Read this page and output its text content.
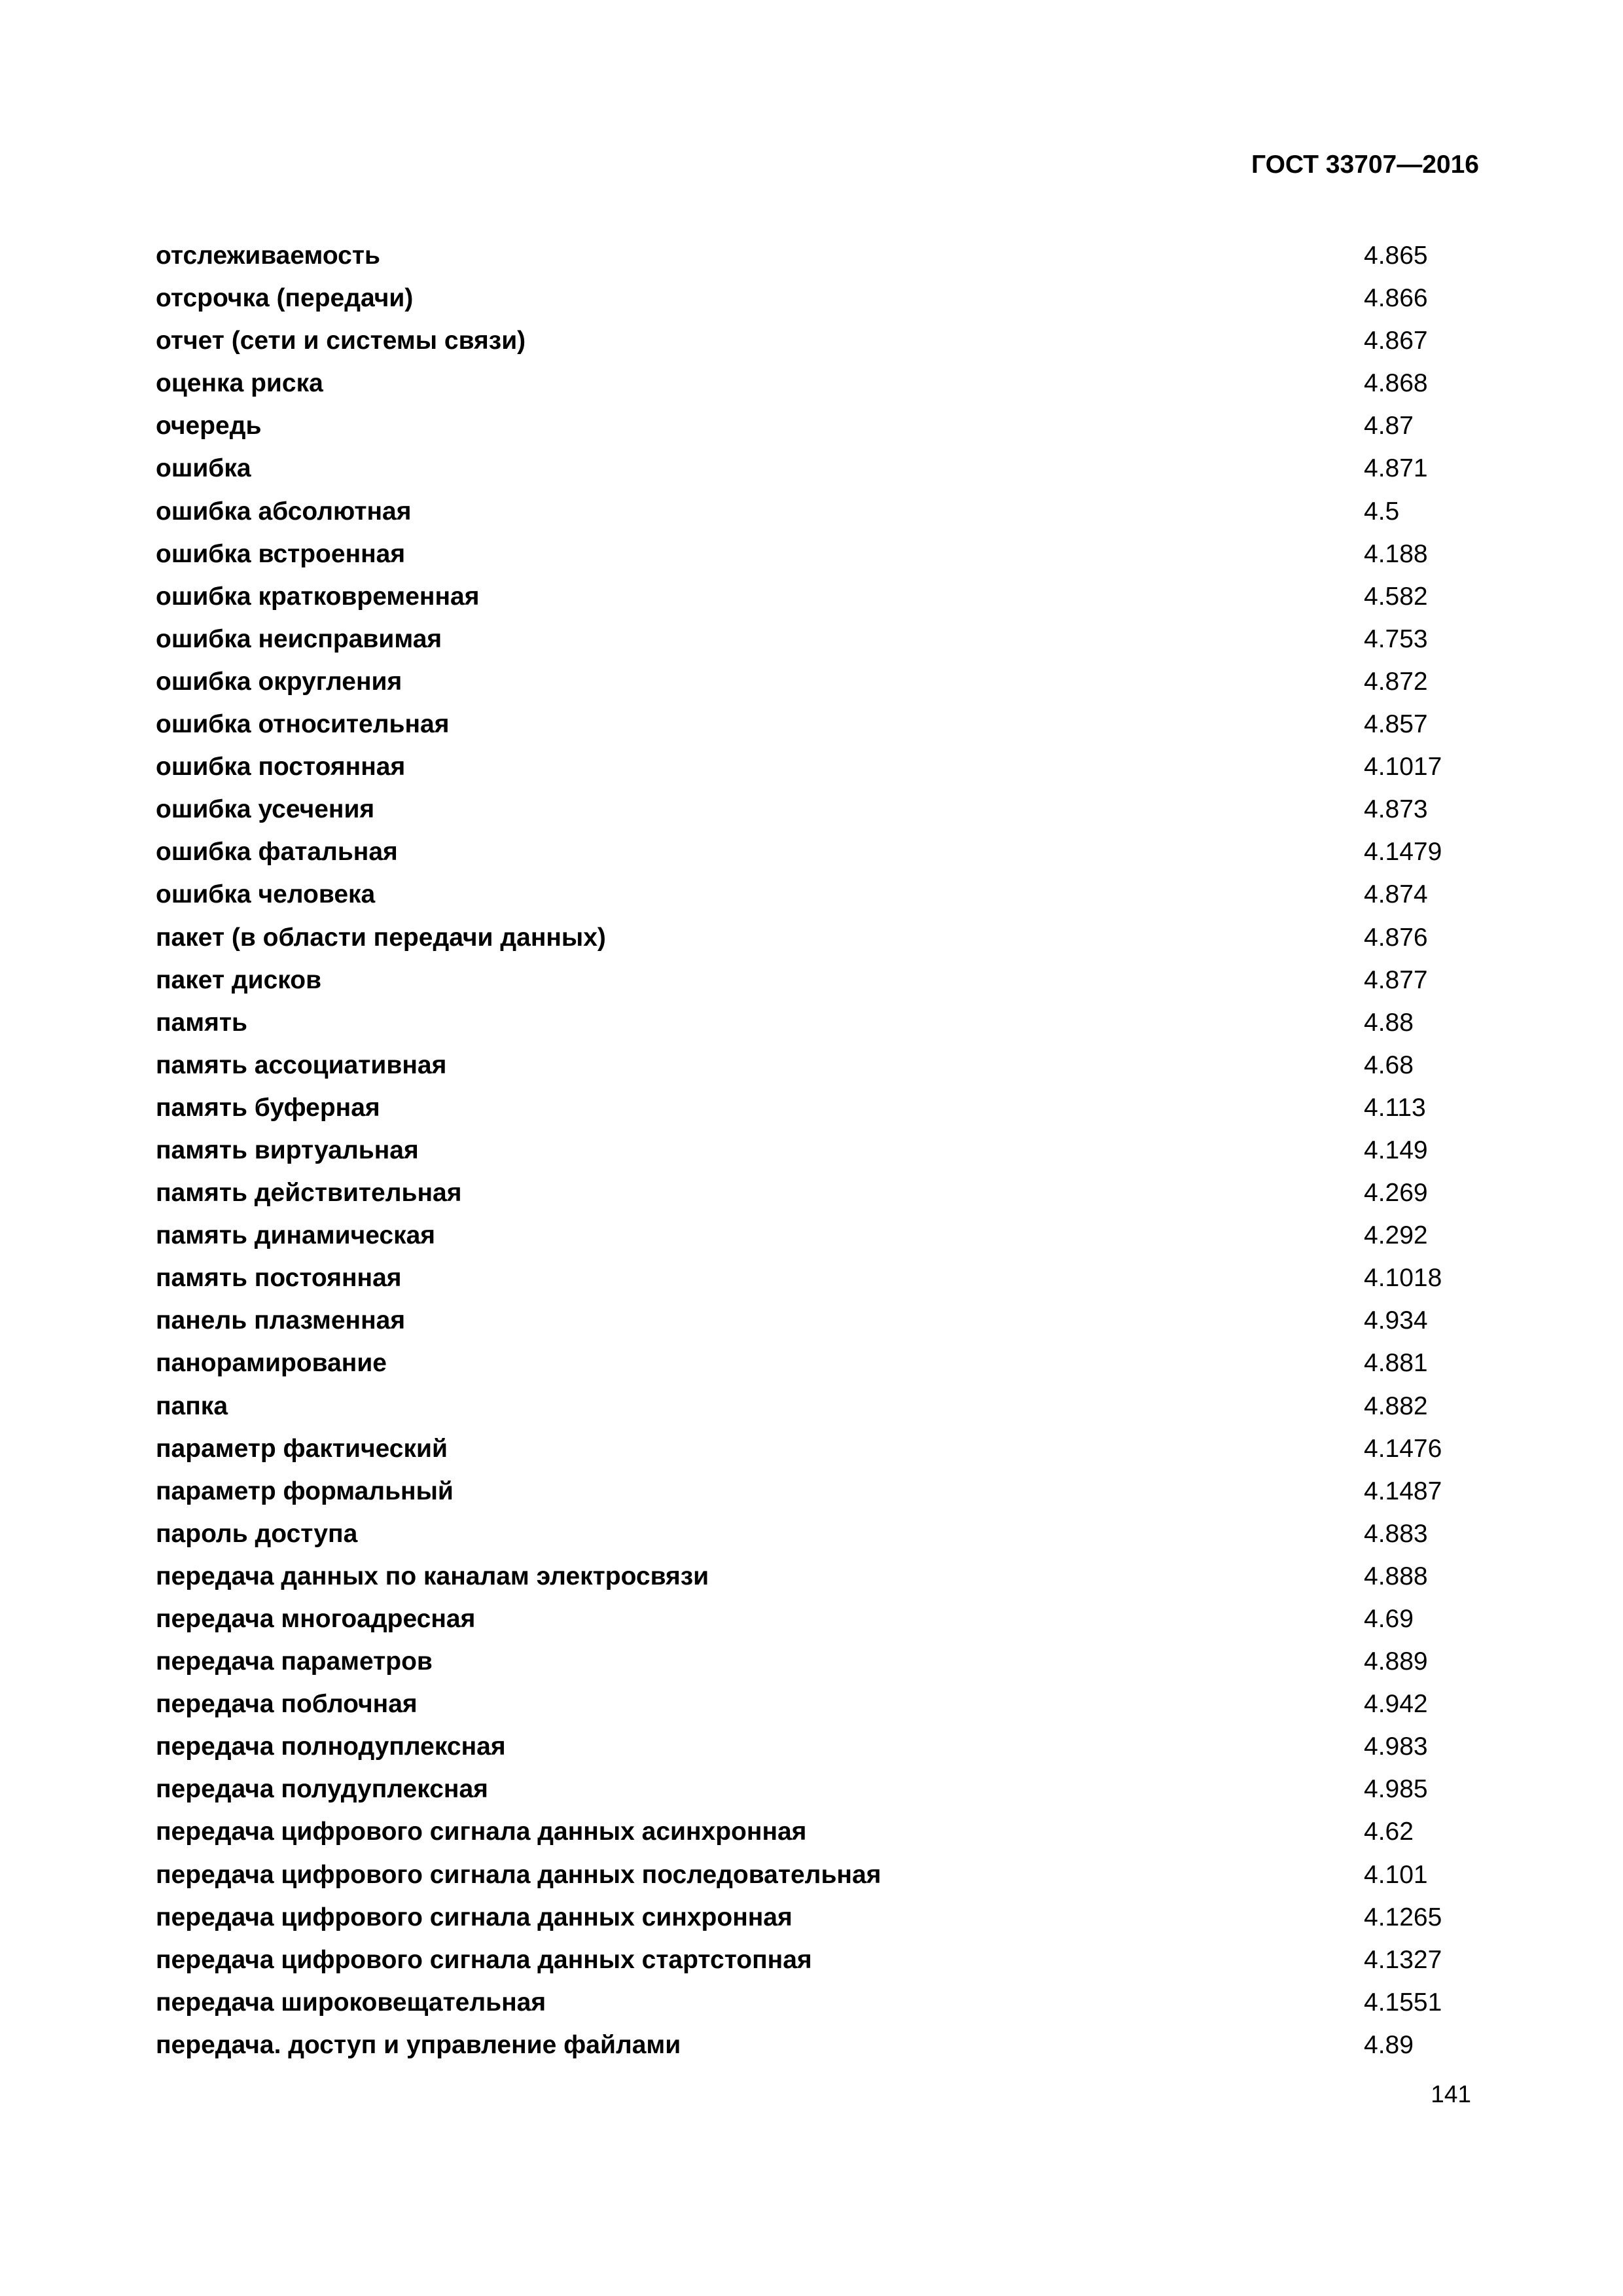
ГОСТ 33707—2016
отслеживаемость	4.865
отсрочка (передачи)	4.866
отчет (сети и системы связи)	4.867
оценка риска	4.868
очередь	4.87
ошибка	4.871
ошибка абсолютная	4.5
ошибка встроенная	4.188
ошибка кратковременная	4.582
ошибка неисправимая	4.753
ошибка округления	4.872
ошибка относительная	4.857
ошибка постоянная	4.1017
ошибка усечения	4.873
ошибка фатальная	4.1479
ошибка человека	4.874
пакет (в области передачи данных)	4.876
пакет дисков	4.877
память	4.88
память ассоциативная	4.68
память буферная	4.113
память виртуальная	4.149
память действительная	4.269
память динамическая	4.292
память постоянная	4.1018
панель плазменная	4.934
панорамирование	4.881
папка	4.882
параметр фактический	4.1476
параметр формальный	4.1487
пароль доступа	4.883
передача данных по каналам электросвязи	4.888
передача многоадресная	4.69
передача параметров	4.889
передача поблочная	4.942
передача полнодуплексная	4.983
передача полудуплексная	4.985
передача цифрового сигнала данных асинхронная	4.62
передача цифрового сигнала данных последовательная	4.101
передача цифрового сигнала данных синхронная	4.1265
передача цифрового сигнала данных стартстопная	4.1327
передача широковещательная	4.1551
передача. доступ и управление файлами	4.89
141
